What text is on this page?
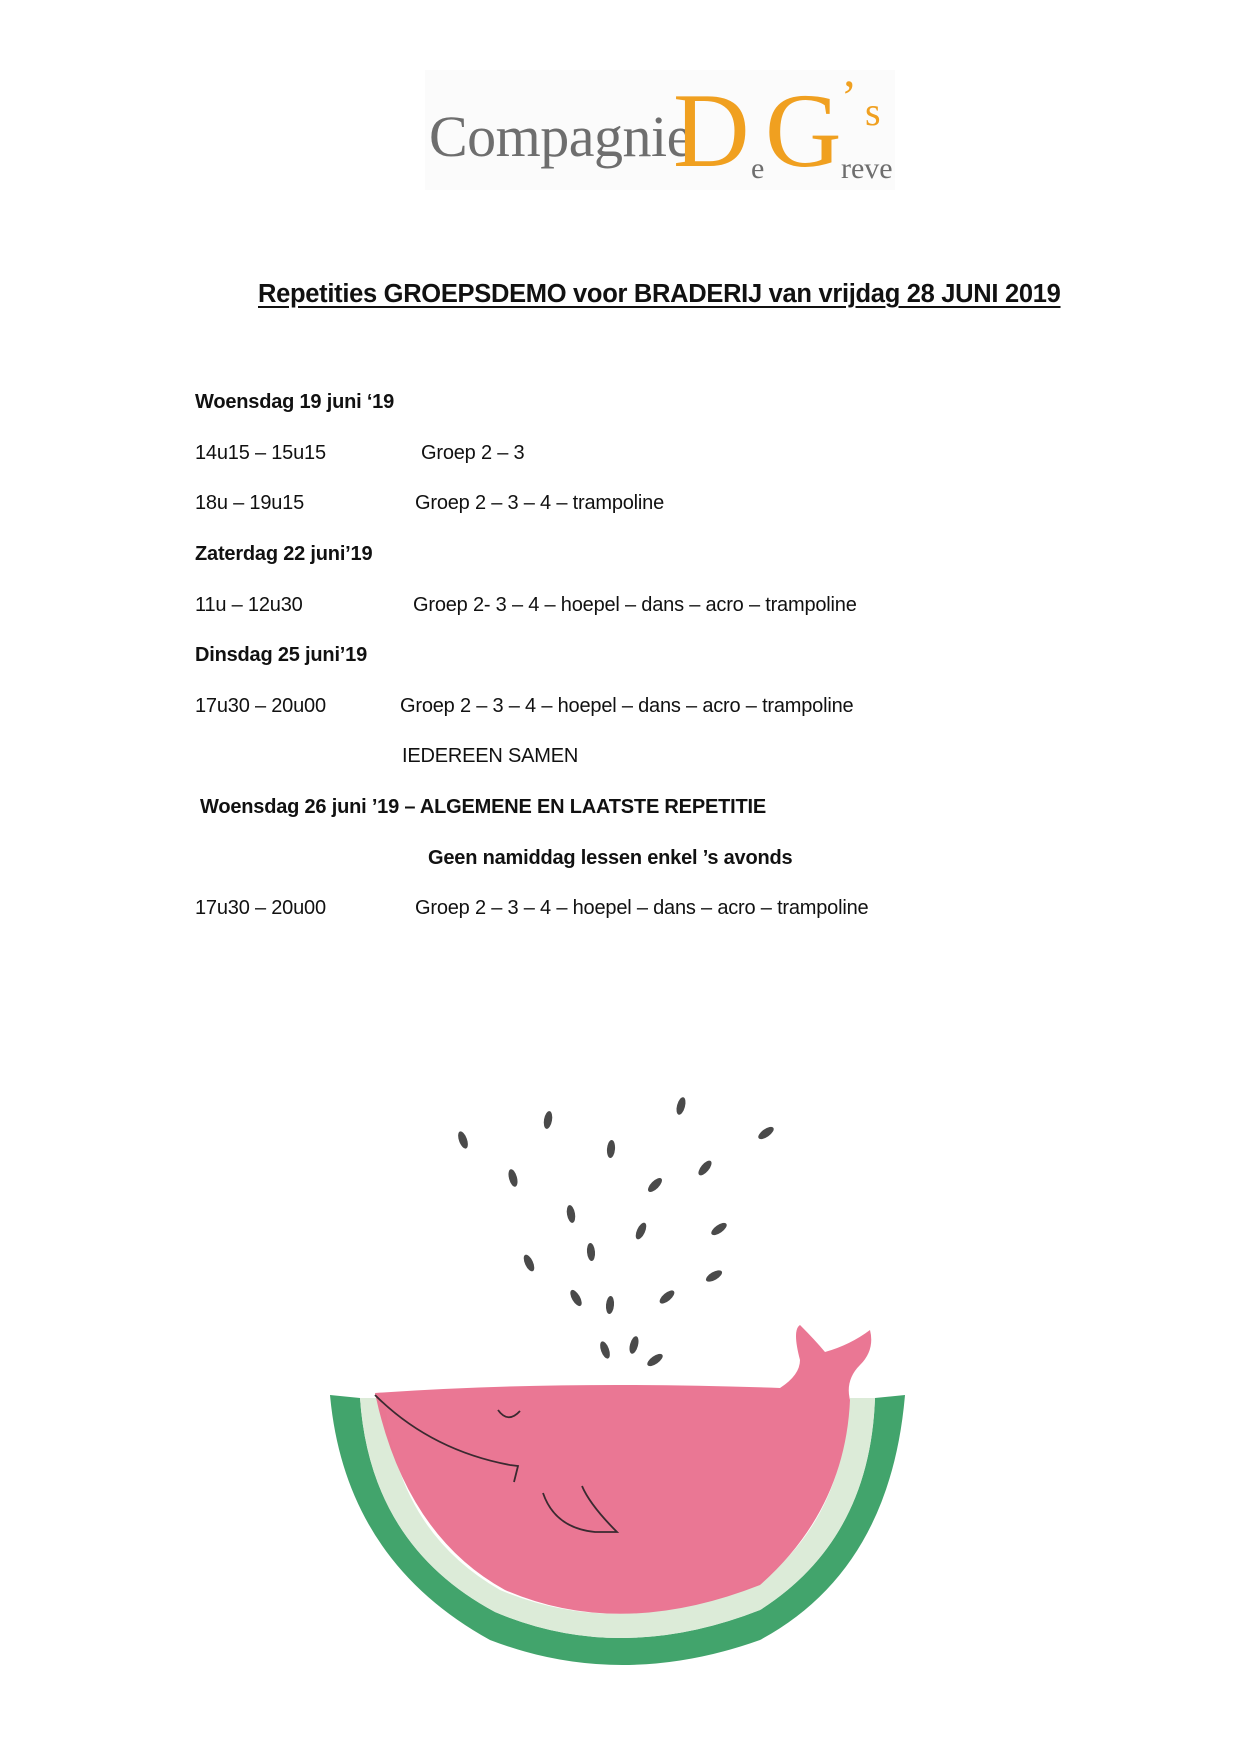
Compagnie
D e G reve
’ s
Repetities GROEPSDEMO voor BRADERIJ van vrijdag 28 JUNI 2019
Woensdag 19 juni ‘19
14u15 – 15u15	Groep 2 – 3
18u – 19u15	Groep 2 – 3 – 4 – trampoline
Zaterdag 22 juni’19
11u – 12u30	Groep 2- 3 – 4 – hoepel – dans – acro – trampoline
Dinsdag 25 juni’19
17u30 – 20u00	Groep 2 – 3 – 4 – hoepel – dans – acro – trampoline
IEDEREEN SAMEN
Woensdag 26 juni ’19 – ALGEMENE EN LAATSTE REPETITIE
Geen namiddag lessen enkel ’s avonds
17u30 – 20u00	Groep 2 – 3 – 4 – hoepel – dans – acro – trampoline
